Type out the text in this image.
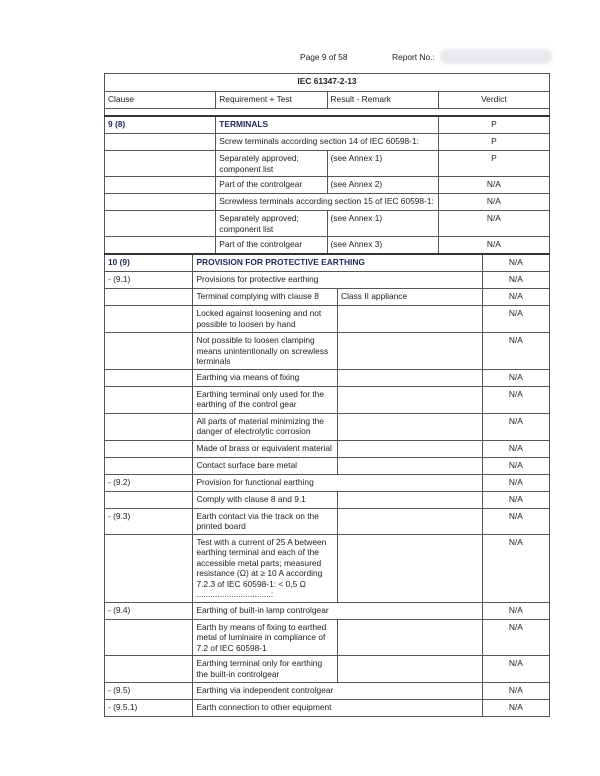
Page 9 of 58	Report No.:
IEC 61347-2-13			
Clause	Requirement + Test	Result - Remark	Verdict

9 (8)	TERMINALS		P
	Screw terminals according section 14 of IEC 60598-1:		P
	Separately approved; component list	(see Annex 1)	P
	Part of the controlgear	(see Annex 2)	N/A
	Screwless terminals according section 15 of IEC 60598-1:		N/A
	Separately approved; component list	(see Annex 1)	N/A
	Part of the controlgear	(see Annex 3)	N/A
10 (9)	PROVISION FOR PROTECTIVE EARTHING		N/A
- (9.1)	Provisions for protective earthing		N/A
	Terminal complying with clause 8	Class II appliance	N/A
	Locked against loosening and not possible to loosen by hand		N/A
	Not possible to loosen clamping means unintentionally on screwless terminals		N/A
	Earthing via means of fixing		N/A
	Earthing terminal only used for the earthing of the control gear		N/A
	All parts of material minimizing the danger of electrolytic corrosion		N/A
	Made of brass or equivalent material		N/A
	Contact surface bare metal		N/A
- (9.2)	Provision for functional earthing		N/A
	Comply with clause 8 and 9.1		N/A
- (9.3)	Earth contact via the track on the printed board		N/A
	Test with a current of 25 A between earthing terminal and each of the accessible metal parts; measured resistance (Ω) at ≥ 10 A according 7.2.3 of IEC 60598-1: < 0,5 Ω ................................:		N/A
- (9.4)	Earthing of built-in lamp controlgear		N/A
	Earth by means of fixing to earthed metal of luminaire in compliance of 7.2 of IEC 60598-1		N/A
	Earthing terminal only for earthing the built-in controlgear		N/A
- (9.5)	Earthing via independent controlgear		N/A
- (9.5.1)	Earth connection to other equipment		N/A
